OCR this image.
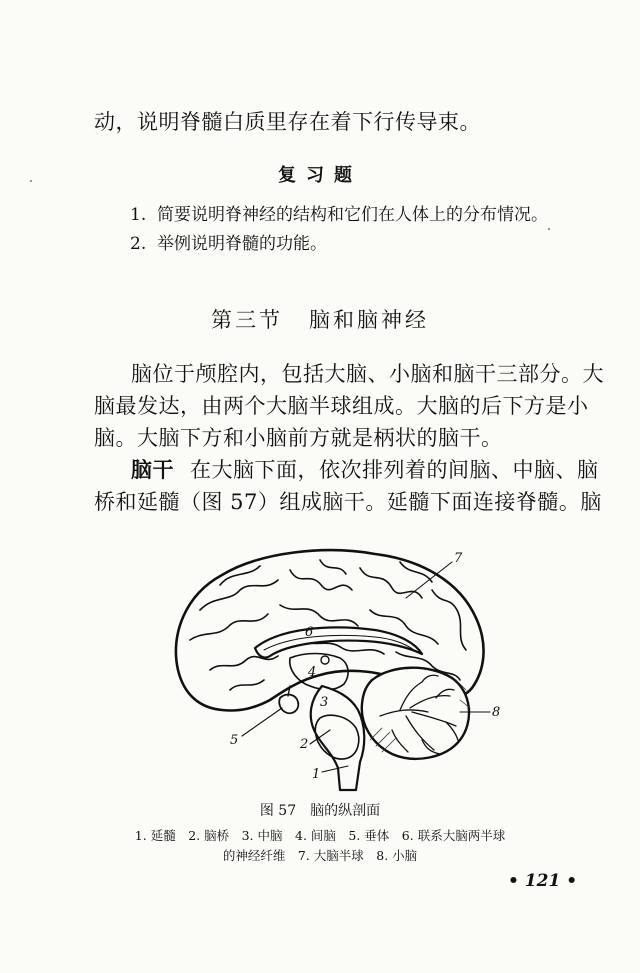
动，说明脊髓白质里存在着下行传导束。
复习题
1. 简要说明脊神经的结构和它们在人体上的分布情况。
2. 举例说明脊髓的功能。
第三节 脑和脑神经
脑位于颅腔内，包括大脑、小脑和脑干三部分。大
脑最发达，由两个大脑半球组成。大脑的后下方是小
脑。大脑下方和小脑前方就是柄状的脑干。
脑干 在大脑下面，依次排列着的间脑、中脑、脑
桥和延髓（图 57）组成脑干。延髓下面连接脊髓。脑
1
2
3
4
5
6
7
8
图 57　脑的纵剖面
1. 延髓　2. 脑桥　3. 中脑　4. 间脑　5. 垂体　6. 联系大脑两半球
的神经纤维　7. 大脑半球　8. 小脑
• 121 •
